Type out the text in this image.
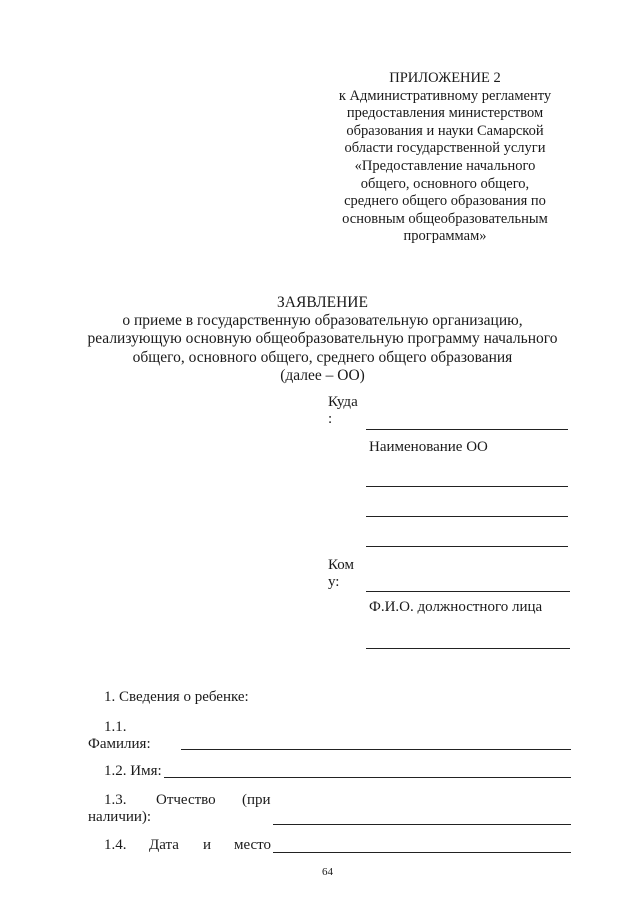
ПРИЛОЖЕНИЕ 2
к Административному регламенту
предоставления министерством
образования и науки Самарской
области государственной услуги
«Предоставление начального
общего, основного общего,
среднего общего образования по
основным общеобразовательным
программам»
ЗАЯВЛЕНИЕ
о приеме в государственную образовательную организацию,
реализующую основную общеобразовательную программу начального
общего, основного общего, среднего общего образования
(далее – ОО)
Куда
:
Наименование ОО
Ком
у:
Ф.И.О. должностного лица
1. Сведения о ребенке:
1.1.
Фамилия:
1.2. Имя:
1.3. Отчество (при
наличии):
1.4. Дата и место
64
